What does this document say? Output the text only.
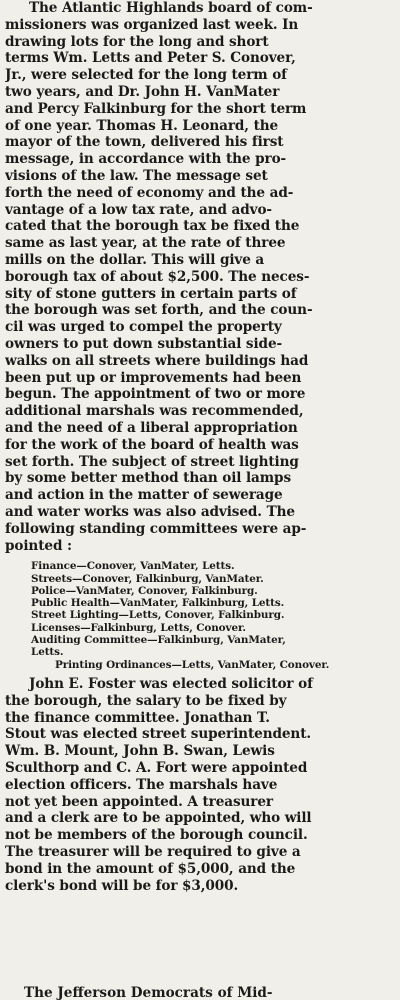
The Atlantic Highlands board of com-
missioners was organized last week. In
drawing lots for the long and short
terms Wm. Letts and Peter S. Conover,
Jr., were selected for the long term of
two years, and Dr. John H. VanMater
and Percy Falkinburg for the short term
of one year. Thomas H. Leonard, the
mayor of the town, delivered his first
message, in accordance with the pro-
visions of the law. The message set
forth the need of economy and the ad-
vantage of a low tax rate, and advo-
cated that the borough tax be fixed the
same as last year, at the rate of three
mills on the dollar. This will give a
borough tax of about $2,500. The neces-
sity of stone gutters in certain parts of
the borough was set forth, and the coun-
cil was urged to compel the property
owners to put down substantial side-
walks on all streets where buildings had
been put up or improvements had been
begun. The appointment of two or more
additional marshals was recommended,
and the need of a liberal appropriation
for the work of the board of health was
set forth. The subject of street lighting
by some better method than oil lamps
and action in the matter of sewerage
and water works was also advised. The
following standing committees were ap-
pointed :
Finance—Conover, VanMater, Letts.
Streets—Conover, Falkinburg, VanMater.
Police—VanMater, Conover, Falkinburg.
Public Health—VanMater, Falkinburg, Letts.
Street Lighting—Letts, Conover, Falkinburg.
Licenses—Falkinburg, Letts, Conover.
Auditing Committee—Falkinburg, VanMater,
Letts.
Printing Ordinances—Letts, VanMater, Conover.
John E. Foster was elected solicitor of
the borough, the salary to be fixed by
the finance committee. Jonathan T.
Stout was elected street superintendent.
Wm. B. Mount, John B. Swan, Lewis
Sculthorp and C. A. Fort were appointed
election officers. The marshals have
not yet been appointed. A treasurer
and a clerk are to be appointed, who will
not be members of the borough council.
The treasurer will be required to give a
bond in the amount of $5,000, and the
clerk's bond will be for $3,000.
The Jefferson Democrats of Mid-
